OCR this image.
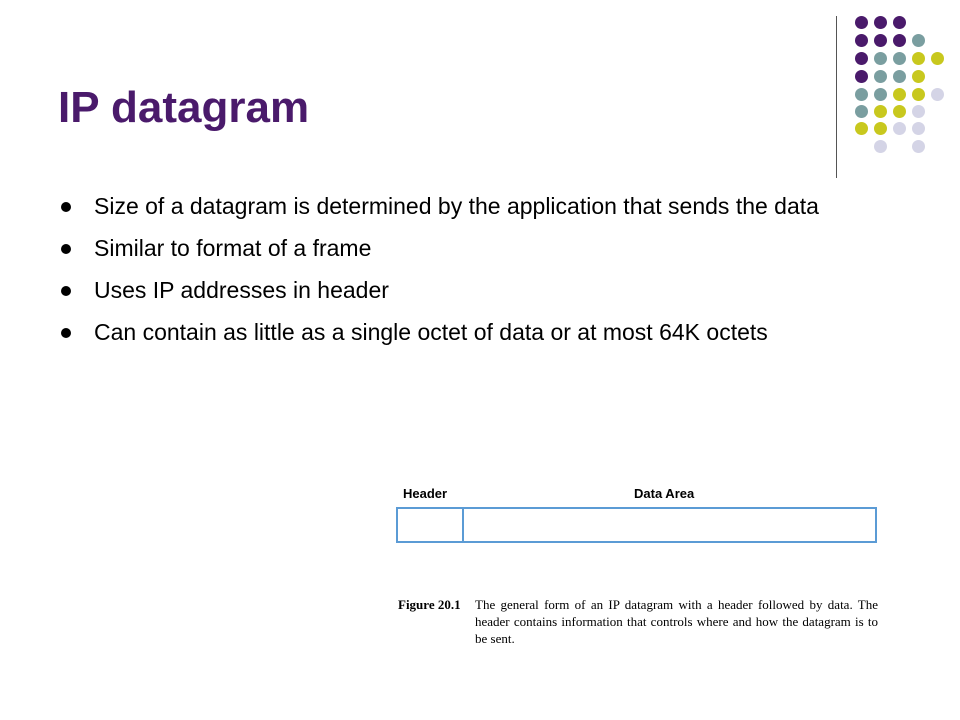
IP datagram
Size of a datagram is determined by the application that sends the data
Similar to format of a frame
Uses IP addresses in header
Can contain as little as a single octet of data or at most 64K octets
Header	Data Area
Figure 20.1 The general form of an IP datagram with a header followed by data. The header contains information that controls where and how the datagram is to be sent.
